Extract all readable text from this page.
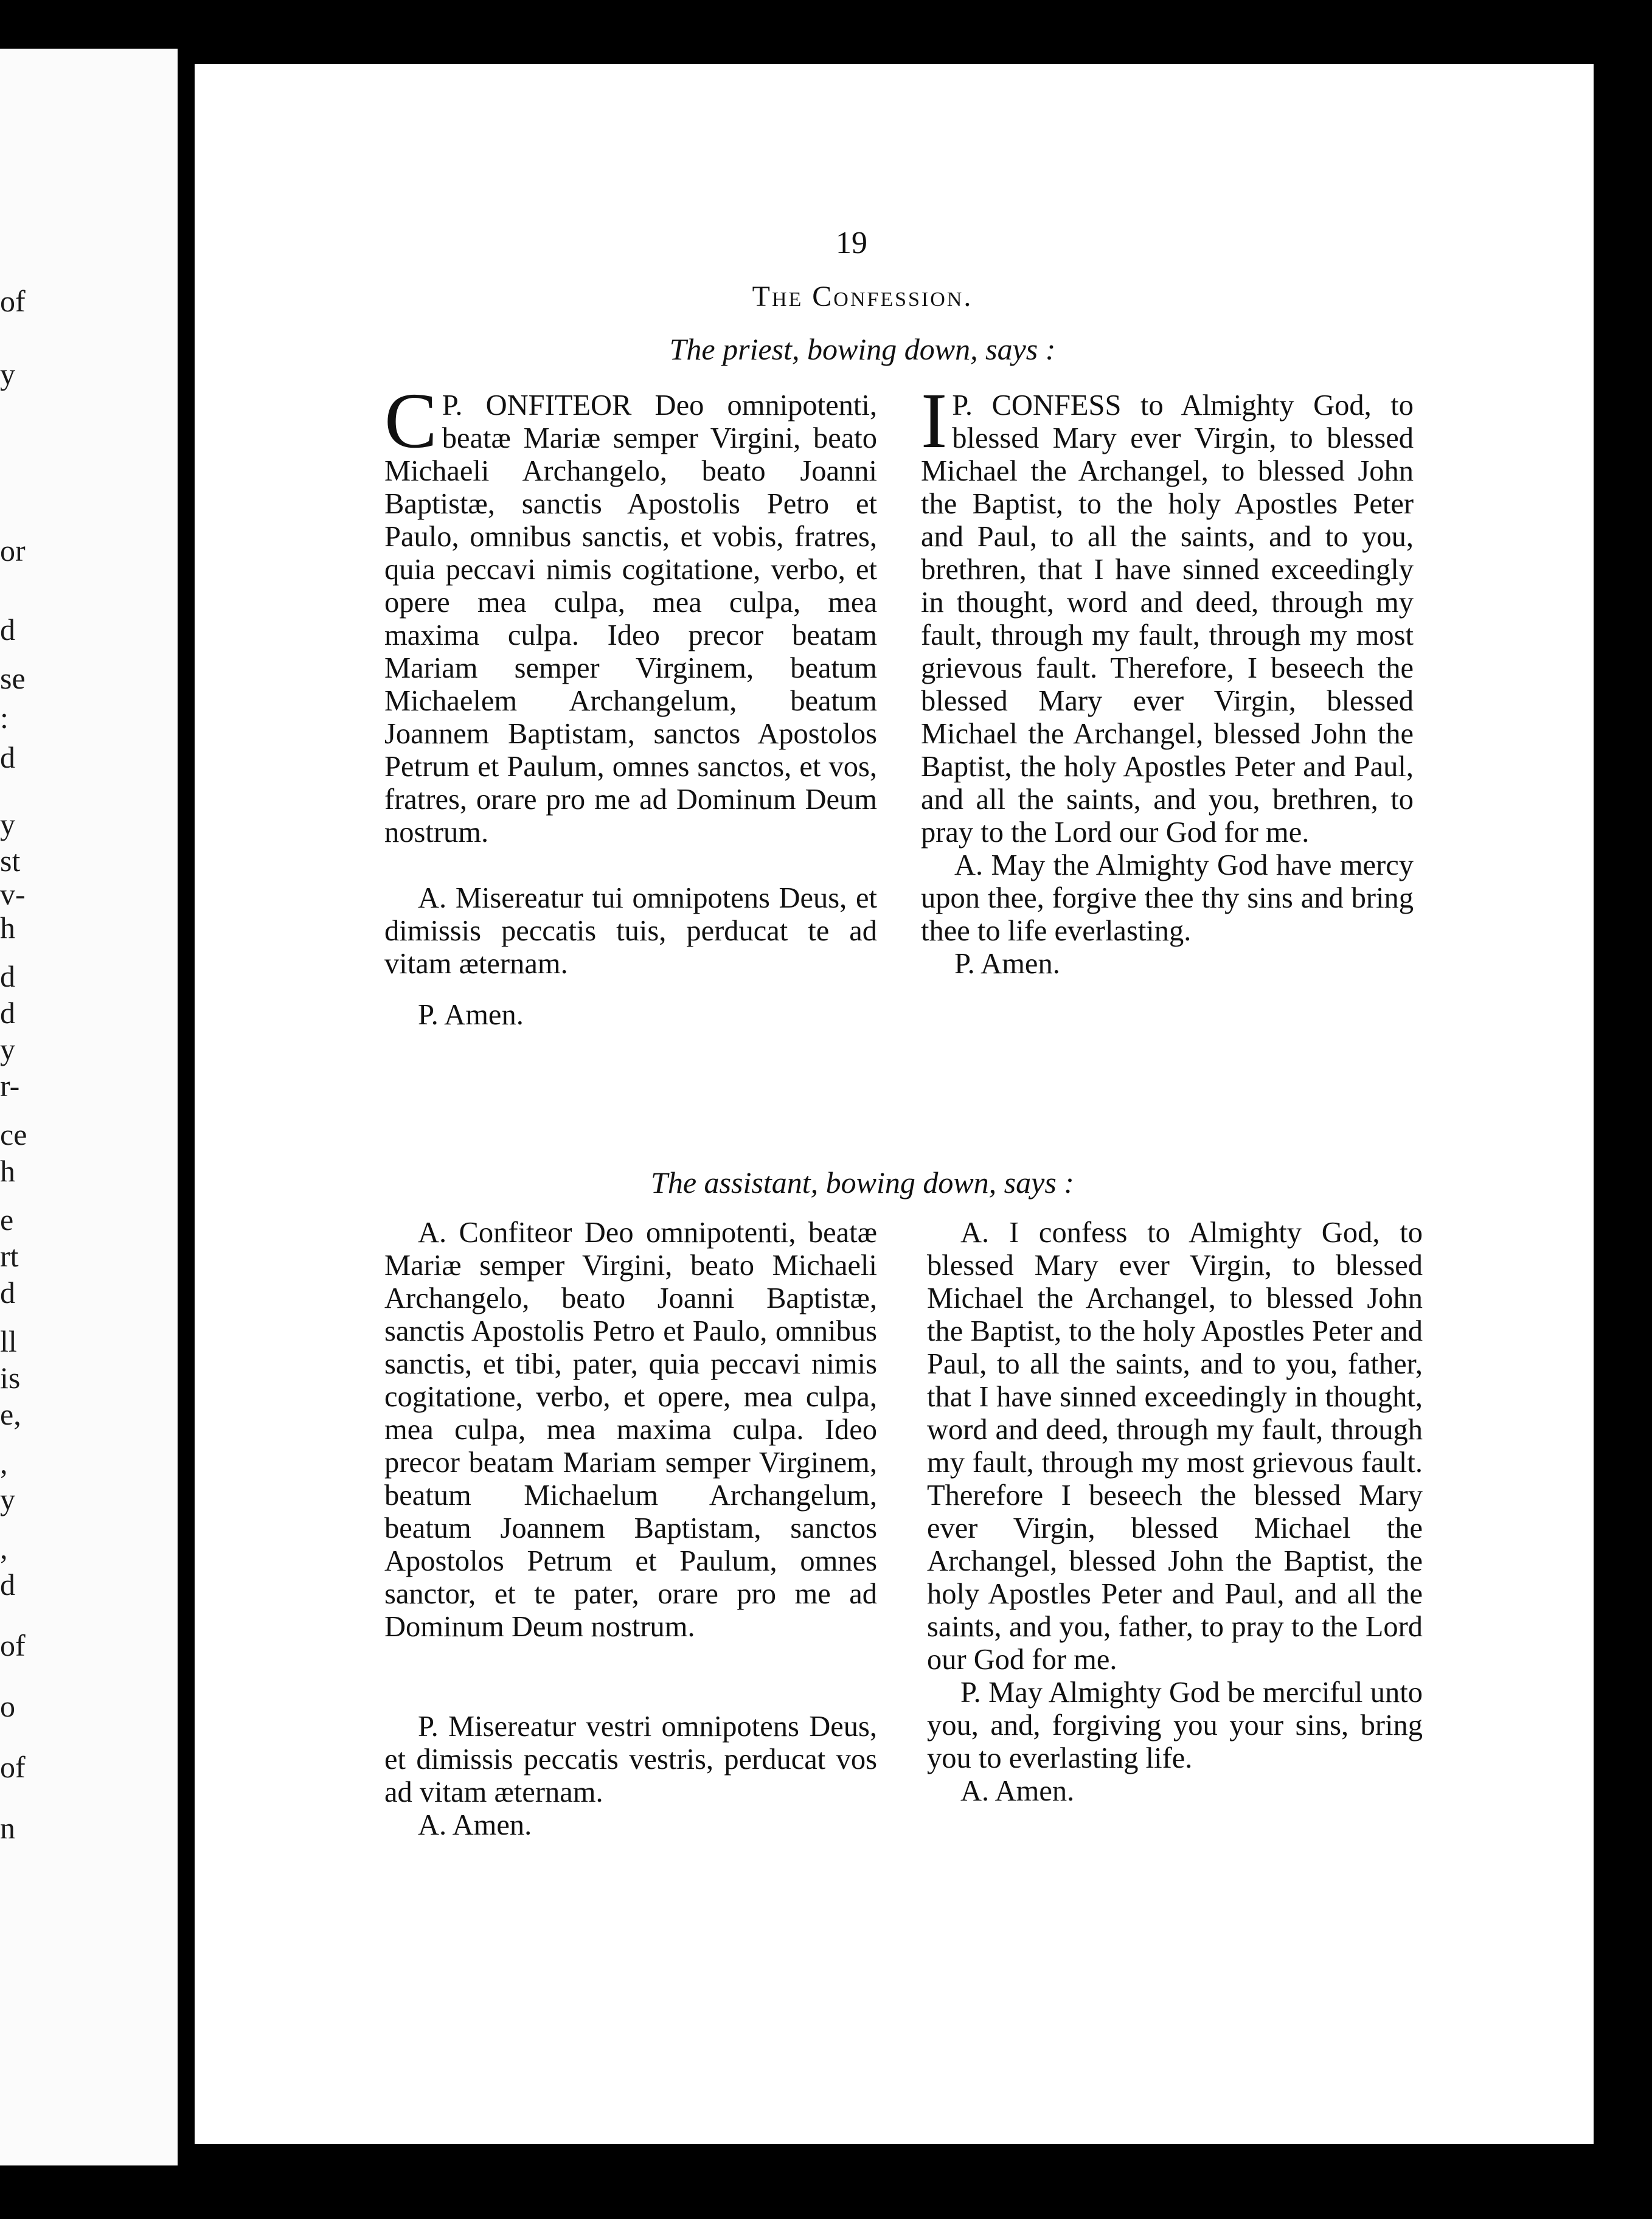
of
y
or
d
se
:
d
y
st
v-
h
d
d
y
r-
ce
h
e
rt
d
ll
is
e,
,
y
,
d
of
o
of
n
19
The Confession.
The priest, bowing down, says :

P.
C ONFITEOR Deo omnipotenti, beatæ Mariæ semper Virgini, beato Michaeli Archangelo, beato Joanni Baptistæ, sanctis Apostolis Petro et Paulo, omnibus sanctis, et vobis, fratres, quia peccavi nimis cogitatione, verbo, et opere mea culpa, mea culpa, mea maxima culpa. Ideo precor beatam Mariam semper Virginem, beatum Michaelem Archangelum, beatum Joannem Baptistam, sanctos Apostolos Petrum et Paulum, omnes sanctos, et vos, fratres, orare pro me ad Dominum Deum nostrum.

A. Misereatur tui omnipotens Deus, et dimissis peccatis tuis, perducat te ad vitam æternam.

P. Amen.

P.
I CONFESS to Almighty God, to blessed Mary ever Virgin, to blessed Michael the Archangel, to blessed John the Baptist, to the holy Apostles Peter and Paul, to all the saints, and to you, brethren, that I have sinned exceedingly in thought, word and deed, through my fault, through my fault, through my most grievous fault. Therefore, I beseech the blessed Mary ever Virgin, blessed Michael the Archangel, blessed John the Baptist, the holy Apostles Peter and Paul, and all the saints, and you, brethren, to pray to the Lord our God for me.

A. May the Almighty God have mercy upon thee, forgive thee thy sins and bring thee to life everlasting.

P. Amen.

The assistant, bowing down, says :

A. Confiteor Deo omnipotenti, beatæ Mariæ semper Virgini, beato Michaeli Archangelo, beato Joanni Baptistæ, sanctis Apostolis Petro et Paulo, omnibus sanctis, et tibi, pater, quia peccavi nimis cogitatione, verbo, et opere, mea culpa, mea culpa, mea maxima culpa. Ideo precor beatam Mariam semper Virginem, beatum Michaelum Archangelum, beatum Joannem Baptistam, sanctos Apostolos Petrum et Paulum, omnes sanctor, et te pater, orare pro me ad Dominum Deum nostrum.

P. Misereatur vestri omnipotens Deus, et dimissis peccatis vestris, perducat vos ad vitam æternam.

A. Amen.

A. I confess to Almighty God, to blessed Mary ever Virgin, to blessed Michael the Archangel, to blessed John the Baptist, to the holy Apostles Peter and Paul, to all the saints, and to you, father, that I have sinned exceedingly in thought, word and deed, through my fault, through my fault, through my most grievous fault. Therefore I beseech the blessed Mary ever Virgin, blessed Michael the Archangel, blessed John the Baptist, the holy Apostles Peter and Paul, and all the saints, and you, father, to pray to the Lord our God for me.

P. May Almighty God be merciful unto you, and, forgiving you your sins, bring you to everlasting life.

A. Amen.
